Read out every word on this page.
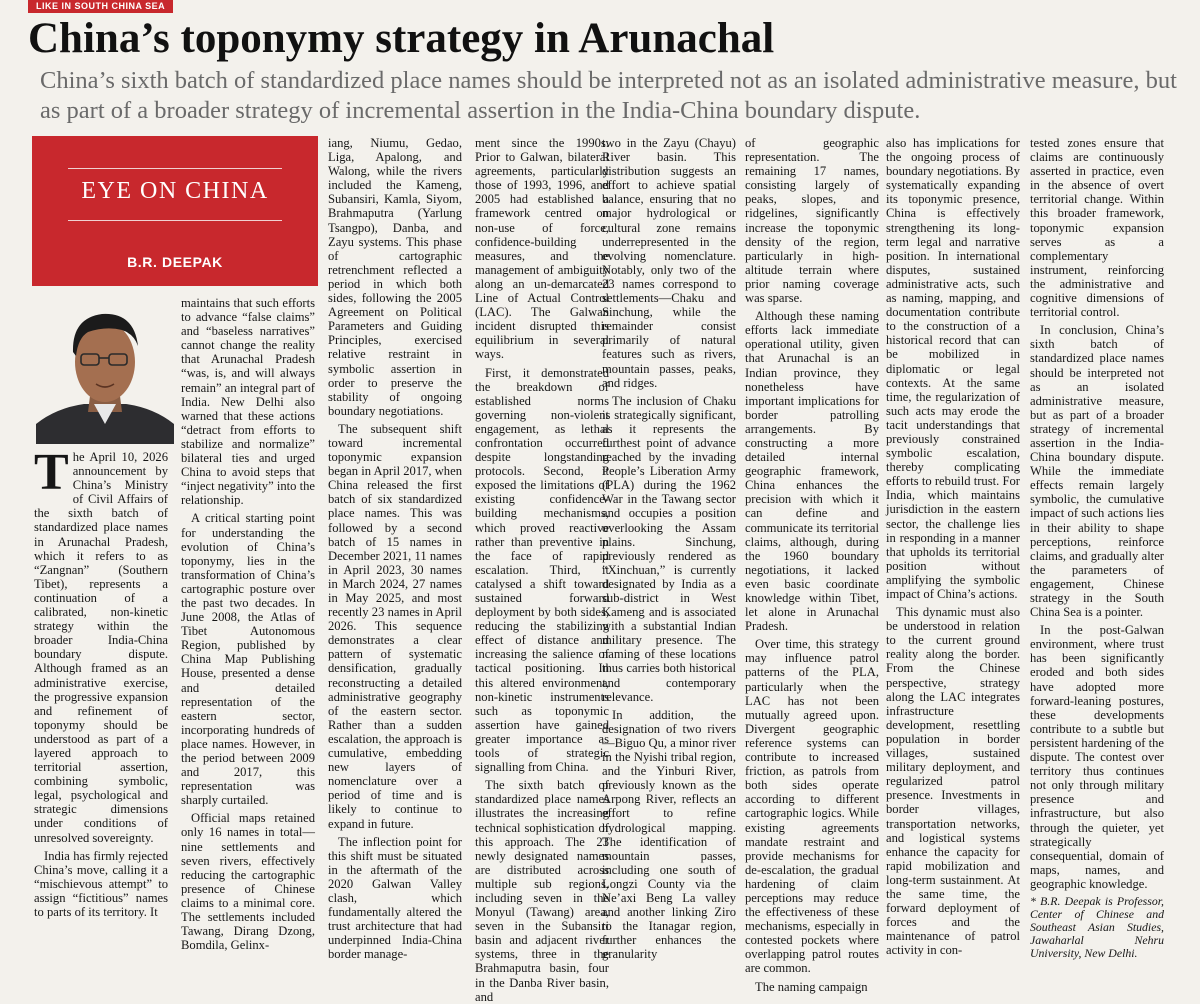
LIKE IN SOUTH CHINA SEA
China’s toponymy strategy in Arunachal

China’s sixth batch of standardized place names should be interpreted not as an isolated administrative measure, but as part of a broader strategy of incremental assertion in the India-China boundary dispute.

EYE ON CHINA
B.R. DEEPAK
T he April 10, 2026 announcement by China’s Ministry of Civil Affairs of the sixth batch of standardized place names in Arunachal Pradesh, which it refers to as “Zangnan” (Southern Tibet), represents a continuation of a calibrated, non-kinetic strategy within the broader India-China boundary dispute. Although framed as an administrative exercise, the progressive expansion and refinement of toponymy should be understood as part of a layered approach to territorial assertion, combining symbolic, legal, psychological and strategic dimensions under conditions of unresolved sovereignty.

India has firmly rejected China’s move, calling it a “mischievous attempt” to assign “fictitious” names to parts of its territory. It

maintains that such efforts to advance “false claims” and “baseless narratives” cannot change the reality that Arunachal Pradesh “was, is, and will always remain” an integral part of India. New Delhi also warned that these actions “detract from efforts to stabilize and normalize” bilateral ties and urged China to avoid steps that “inject negativity” into the relationship.

A critical starting point for understanding the evolution of China’s toponymy, lies in the transformation of China’s cartographic posture over the past two decades. In June 2008, the Atlas of Tibet Autonomous Region, published by China Map Publishing House, presented a dense and detailed representation of the eastern sector, incorporating hundreds of place names. However, in the period between 2009 and 2017, this representation was sharply curtailed.

Official maps retained only 16 names in total—nine settlements and seven rivers, effectively reducing the cartographic presence of Chinese claims to a minimal core. The settlements included Tawang, Dirang Dzong, Bomdila, Gelinx-

iang, Niumu, Gedao, Liga, Apalong, and Walong, while the rivers included the Kameng, Subansiri, Kamla, Siyom, Brahmaputra (Yarlung Tsangpo), Danba, and Zayu systems. This phase of cartographic retrenchment reflected a period in which both sides, following the 2005 Agreement on Political Parameters and Guiding Principles, exercised relative restraint in symbolic assertion in order to preserve the stability of ongoing boundary negotiations.

The subsequent shift toward incremental toponymic expansion began in April 2017, when China released the first batch of six standardized place names. This was followed by a second batch of 15 names in December 2021, 11 names in April 2023, 30 names in March 2024, 27 names in May 2025, and most recently 23 names in April 2026. This sequence demonstrates a clear pattern of systematic densification, gradually reconstructing a detailed administrative geography of the eastern sector. Rather than a sudden escalation, the approach is cumulative, embedding new layers of nomenclature over a period of time and is likely to continue to expand in future.

The inflection point for this shift must be situated in the aftermath of the 2020 Galwan Valley clash, which fundamentally altered the trust architecture that had underpinned India-China border manage-

ment since the 1990s. Prior to Galwan, bilateral agreements, particularly those of 1993, 1996, and 2005 had established a framework centred on non-use of force, confidence-building measures, and the management of ambiguity along an un-demarcated Line of Actual Control (LAC). The Galwan incident disrupted this equilibrium in several ways.

First, it demonstrated the breakdown of established norms governing non-violent engagement, as lethal confrontation occurred despite longstanding protocols. Second, it exposed the limitations of existing confidence-building mechanisms, which proved reactive rather than preventive in the face of rapid escalation. Third, it catalysed a shift toward sustained forward deployment by both sides, reducing the stabilizing effect of distance and increasing the salience of tactical positioning. In this altered environment, non-kinetic instruments such as toponymic assertion have gained greater importance as tools of strategic signalling from China.

The sixth batch of standardized place names illustrates the increasing technical sophistication of this approach. The 23 newly designated names are distributed across multiple sub regions, including seven in the Monyul (Tawang) area, seven in the Subansiri basin and adjacent river systems, three in the Brahmaputra basin, four in the Danba River basin, and

two in the Zayu (Chayu) River basin. This distribution suggests an effort to achieve spatial balance, ensuring that no major hydrological or cultural zone remains underrepresented in the evolving nomenclature. Notably, only two of the 23 names correspond to settlements—Chaku and Sinchung, while the remainder consist primarily of natural features such as rivers, mountain passes, peaks, and ridges.

The inclusion of Chaku is strategically significant, as it represents the furthest point of advance reached by the invading People’s Liberation Army (PLA) during the 1962 War in the Tawang sector and occupies a position overlooking the Assam plains. Sinchung, previously rendered as “Xinchuan,” is currently designated by India as a sub-district in West Kameng and is associated with a substantial Indian military presence. The naming of these locations thus carries both historical and contemporary relevance.

In addition, the designation of two rivers—Biguo Qu, a minor river in the Nyishi tribal region, and the Yinburi River, previously known as the Arpong River, reflects an effort to refine hydrological mapping. The identification of mountain passes, including one south of Longzi County via the Ne’axi Beng La valley and another linking Ziro to the Itanagar region, further enhances the granularity

of geographic representation. The remaining 17 names, consisting largely of peaks, slopes, and ridgelines, significantly increase the toponymic density of the region, particularly in high-altitude terrain where prior naming coverage was sparse.

Although these naming efforts lack immediate operational utility, given that Arunachal is an Indian province, they nonetheless have important implications for border patrolling arrangements. By constructing a more detailed internal geographic framework, China enhances the precision with which it can define and communicate its territorial claims, although, during the 1960 boundary negotiations, it lacked even basic coordinate knowledge within Tibet, let alone in Arunachal Pradesh.

Over time, this strategy may influence patrol patterns of the PLA, particularly when the LAC has not been mutually agreed upon. Divergent geographic reference systems can contribute to increased friction, as patrols from both sides operate according to different cartographic logics. While existing agreements mandate restraint and provide mechanisms for de-escalation, the gradual hardening of claim perceptions may reduce the effectiveness of these mechanisms, especially in contested pockets where overlapping patrol routes are common.

The naming campaign

also has implications for the ongoing process of boundary negotiations. By systematically expanding its toponymic presence, China is effectively strengthening its long-term legal and narrative position. In international disputes, sustained administrative acts, such as naming, mapping, and documentation contribute to the construction of a historical record that can be mobilized in diplomatic or legal contexts. At the same time, the regularization of such acts may erode the tacit understandings that previously constrained symbolic escalation, thereby complicating efforts to rebuild trust. For India, which maintains jurisdiction in the eastern sector, the challenge lies in responding in a manner that upholds its territorial position without amplifying the symbolic impact of China’s actions.

This dynamic must also be understood in relation to the current ground reality along the border. From the Chinese perspective, strategy along the LAC integrates infrastructure development, resettling population in border villages, sustained military deployment, and regularized patrol presence. Investments in border villages, transportation networks, and logistical systems enhance the capacity for rapid mobilization and long-term sustainment. At the same time, the forward deployment of forces and the maintenance of patrol activity in con-

tested zones ensure that claims are continuously asserted in practice, even in the absence of overt territorial change. Within this broader framework, toponymic expansion serves as a complementary instrument, reinforcing the administrative and cognitive dimensions of territorial control.

In conclusion, China’s sixth batch of standardized place names should be interpreted not as an isolated administrative measure, but as part of a broader strategy of incremental assertion in the India-China boundary dispute. While the immediate effects remain largely symbolic, the cumulative impact of such actions lies in their ability to shape perceptions, reinforce claims, and gradually alter the parameters of engagement, Chinese strategy in the South China Sea is a pointer.

In the post-Galwan environment, where trust has been significantly eroded and both sides have adopted more forward-leaning postures, these developments contribute to a subtle but persistent hardening of the dispute. The contest over territory thus continues not only through military presence and infrastructure, but also through the quieter, yet strategically consequential, domain of maps, names, and geographic knowledge.

* B.R. Deepak is Professor, Center of Chinese and Southeast Asian Studies, Jawaharlal Nehru University, New Delhi.
